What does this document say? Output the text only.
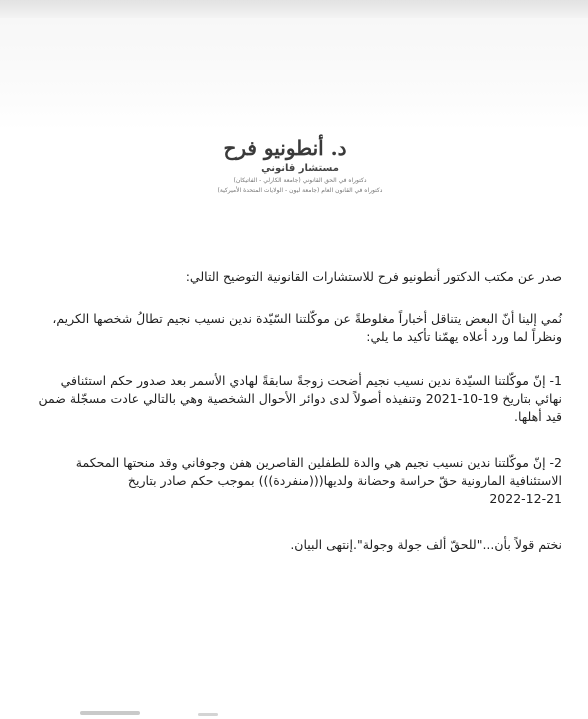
د. أنطونيو فرح
مستشار قانوني
دكتوراه في الحق القانوني (جامعة الكارلي - الفاتيكان)
دكتوراه في القانون العام (جامعة ليون - الولايات المتحدة الأميركية)

صدر عن مكتب الدكتور أنطونيو فرح للاستشارات القانونية التوضيح التالي:

نُمي إلينا أنّ البعض يتناقل أخباراً مغلوطةً عن موكّلتنا السّيّدة ندين نسيب نجيم تطالُ شخصها الكريم،

ونظراً لما ورد أعلاه يهمّنا تأكيد ما يلي:

1- إنّ موكّلتنا السيّدة ندين نسيب نجيم أضحت زوجةً سابقةً لهادي الأسمر بعد صدور حكم استئنافي نهائي بتاريخ 19-10-2021 وتنفيذه أصولاً لدى دوائر الأحوال الشخصية وهي بالتالي عادت مسجّلة ضمن قيد أهلها.

2- إنّ موكّلتنا ندين نسيب نجيم هي والدة للطفلين القاصرين هفن وجوفاني وقد منحتها المحكمة الاستئنافية المارونية حقّ حراسة وحضانة ولديها(((منفردة))) بموجب حكم صادر بتاريخ
2022-12-21

نختم قولاً بأن..."للحقّ ألف جولة وجولة".إنتهى البيان.
